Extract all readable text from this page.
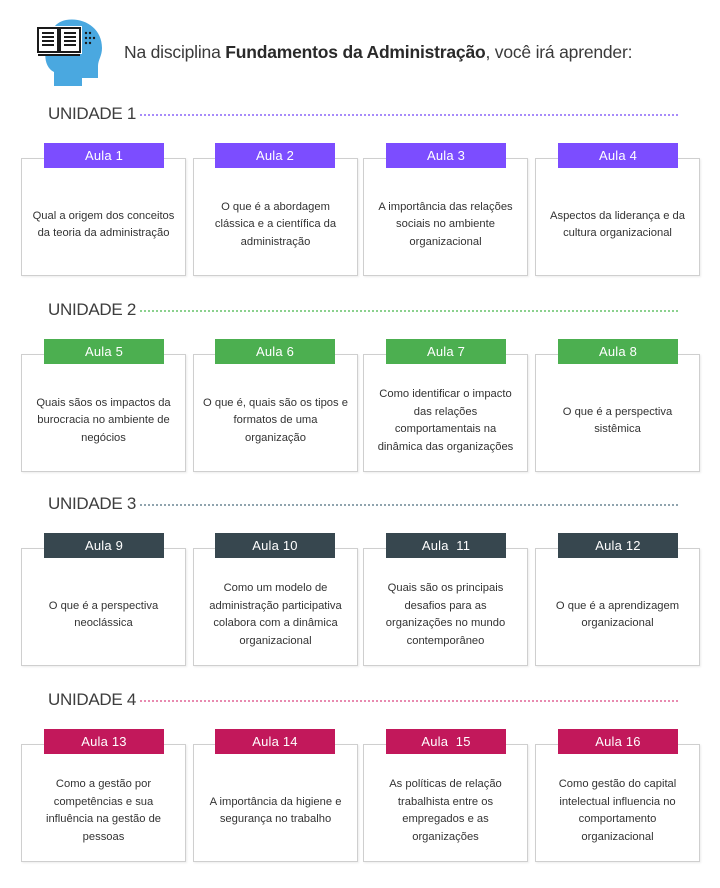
Na disciplina Fundamentos da Administração, você irá aprender:
UNIDADE 1
Qual a origem dos conceitos da teoria da administração
Aula 1
O que é a abordagem clássica e a científica da administração
Aula 2
A importância das relações sociais no ambiente organizacional
Aula 3
Aspectos da liderança e da cultura organizacional
Aula 4
UNIDADE 2
Quais sãos os impactos da burocracia no ambiente de negócios
Aula 5
O que é, quais são os tipos e formatos de uma organização
Aula 6
Como identificar o impacto das relações comportamentais na dinâmica das organizações
Aula 7
O que é a perspectiva sistêmica
Aula 8
UNIDADE 3
O que é a perspectiva neoclássica
Aula 9
Como um modelo de administração participativa colabora com a dinâmica organizacional
Aula 10
Quais são os principais desafios para as organizações no mundo contemporâneo
Aula  11
O que é a aprendizagem organizacional
Aula 12
UNIDADE 4
Como a gestão por competências e sua influência na gestão de pessoas
Aula 13
A importância da higiene e segurança no trabalho
Aula 14
As políticas de relação trabalhista entre os empregados e as organizações
Aula  15
Como gestão do capital intelectual influencia no comportamento organizacional
Aula 16
